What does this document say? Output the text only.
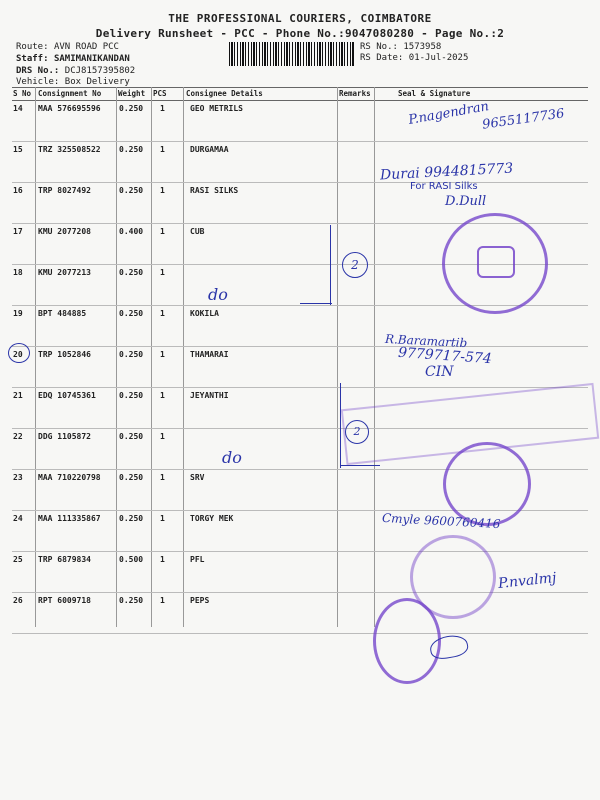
THE PROFESSIONAL COURIERS, COIMBATORE
Delivery Runsheet - PCC - Phone No.:9047080280 - Page No.:2
Route: AVN ROAD PCC
Staff: SAMIMANIKANDAN
DRS No.: DCJ8157395802
Vehicle: Box Delivery
RS No.: 1573958
RS Date: 01-Jul-2025
S No Consignment No Weight PCS	Consignee Details	Remarks	Seal & Signature
14 MAA 576695596 0.250 1	GEO METRILS
15 TRZ 325508522 0.250 1	DURGAMAA
16 TRP 8027492	0.250 1	RASI SILKS
17 KMU 2077208	0.400 1	CUB
18 KMU 2077213	0.250 1
19 BPT 484885	0.250 1	KOKILA
20 TRP 1052846	0.250 1	THAMARAI
21 EDQ 10745361	0.250 1	JEYANTHI
22 DDG 1105872	0.250 1
23 MAA 710220798 0.250 1	SRV
24 MAA 111335867 0.250 1	TORGY MEK
25 TRP 6879834	0.500 1	PFL
26 RPT 6009718	0.250 1	PEPS
P.nagendran
9655117736
Durai 9944815773
For RASI Silks
D.Dull
do
2
R.Baramartib
9779717-574
CIN
2
do
Cmyle 9600760416
P.nvalmj
